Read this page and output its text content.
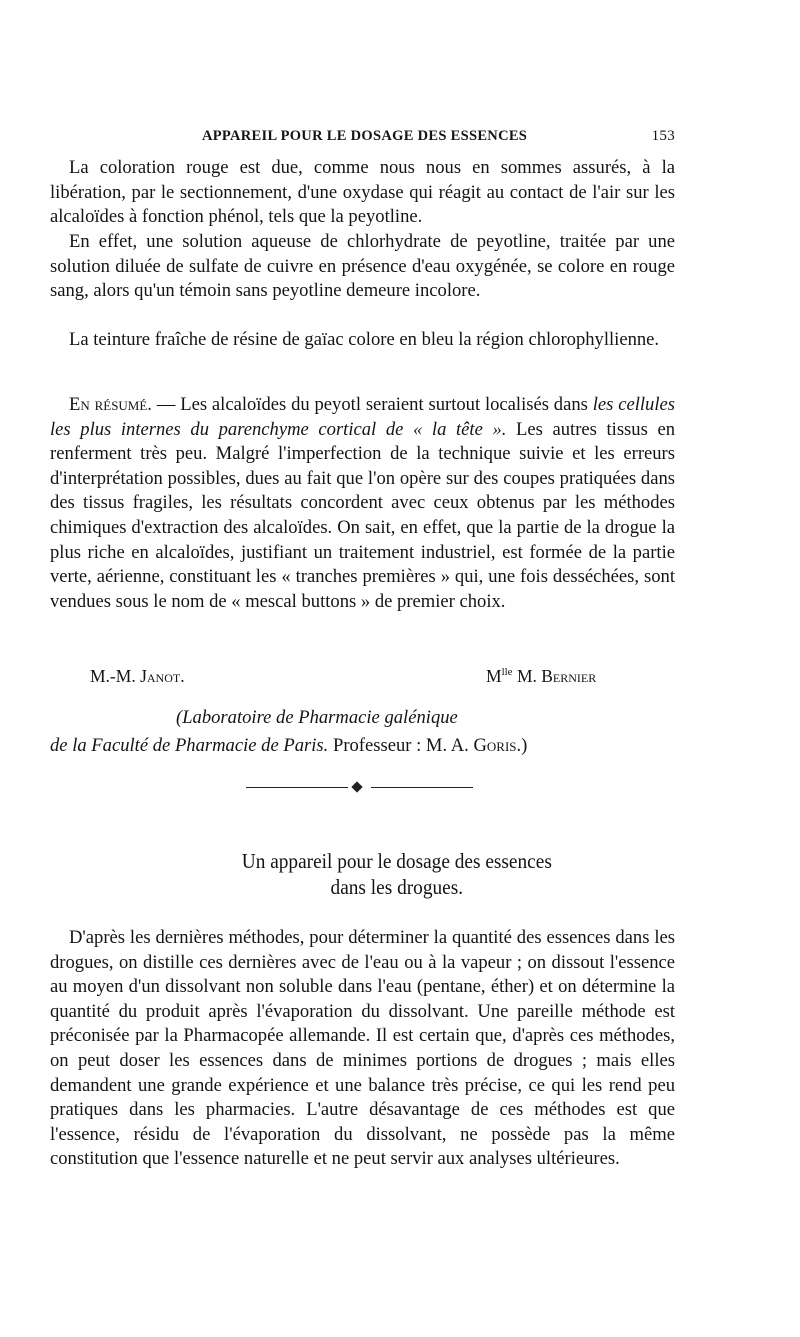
APPAREIL POUR LE DOSAGE DES ESSENCES	153

La coloration rouge est due, comme nous nous en sommes assurés, à la libération, par le sectionnement, d'une oxydase qui réagit au contact de l'air sur les alcaloïdes à fonction phénol, tels que la peyotline.

En effet, une solution aqueuse de chlorhydrate de peyotline, traitée par une solution diluée de sulfate de cuivre en présence d'eau oxygénée, se colore en rouge sang, alors qu'un témoin sans peyotline demeure incolore.

La teinture fraîche de résine de gaïac colore en bleu la région chlorophyllienne.

En résumé. — Les alcaloïdes du peyotl seraient surtout localisés dans les cellules les plus internes du parenchyme cortical de « la tête ». Les autres tissus en renferment très peu. Malgré l'imperfection de la technique suivie et les erreurs d'interprétation possibles, dues au fait que l'on opère sur des coupes pratiquées dans des tissus fragiles, les résultats concordent avec ceux obtenus par les méthodes chimiques d'extraction des alcaloïdes. On sait, en effet, que la partie de la drogue la plus riche en alcaloïdes, justifiant un traitement industriel, est formée de la partie verte, aérienne, constituant les « tranches premières » qui, une fois desséchées, sont vendues sous le nom de « mescal buttons » de premier choix.

M.-M. Janot.	$M^{lle}$ M. Bernier
(Laboratoire de Pharmacie galénique
de la Faculté de Pharmacie de Paris. Professeur : M. A. Goris.)
Un appareil pour le dosage des essences
dans les drogues.

D'après les dernières méthodes, pour déterminer la quantité des essences dans les drogues, on distille ces dernières avec de l'eau ou à la vapeur ; on dissout l'essence au moyen d'un dissolvant non soluble dans l'eau (pentane, éther) et on détermine la quantité du produit après l'évaporation du dissolvant. Une pareille méthode est préconisée par la Pharmacopée allemande. Il est certain que, d'après ces méthodes, on peut doser les essences dans de minimes portions de drogues ; mais elles demandent une grande expérience et une balance très précise, ce qui les rend peu pratiques dans les pharmacies. L'autre désavantage de ces méthodes est que l'essence, résidu de l'évaporation du dissolvant, ne possède pas la même constitution que l'essence naturelle et ne peut servir aux analyses ultérieures.
